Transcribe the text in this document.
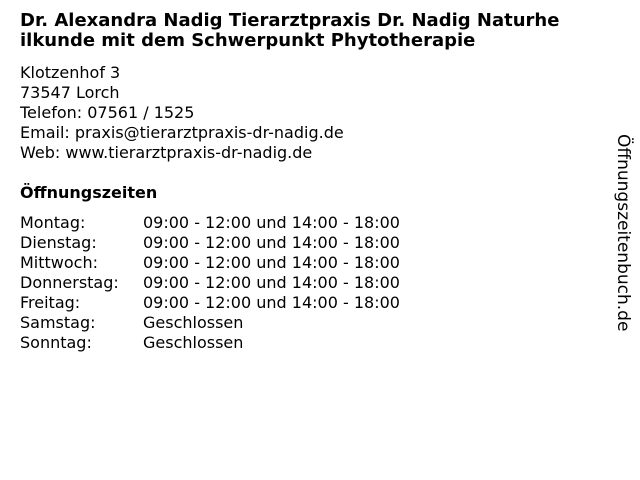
Dr. Alexandra Nadig Tierarztpraxis Dr. Nadig Naturhe
ilkunde mit dem Schwerpunkt Phytotherapie
Klotzenhof 3
73547 Lorch
Telefon: 07561 / 1525
Email: praxis@tierarztpraxis-dr-nadig.de
Web: www.tierarztpraxis-dr-nadig.de
Öffnungszeiten
Montag:	09:00 - 12:00 und 14:00 - 18:00
Dienstag:	09:00 - 12:00 und 14:00 - 18:00
Mittwoch:	09:00 - 12:00 und 14:00 - 18:00
Donnerstag: 09:00 - 12:00 und 14:00 - 18:00
Freitag:	09:00 - 12:00 und 14:00 - 18:00
Samstag:	Geschlossen
Sonntag:	Geschlossen
Öffnungszeitenbuch.de
